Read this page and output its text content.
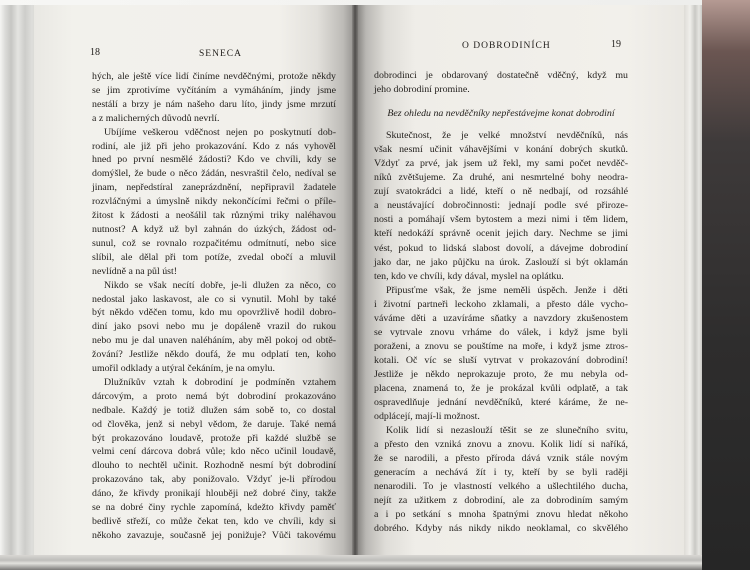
18	SENECA
O DOBRODINÍCH	19
hých, ale ještě více lidí činíme nevděčnými, protože někdy
se jim zprotivíme vyčítáním a vymáháním, jindy jsme
nestálí a brzy je nám našeho daru líto, jindy jsme mrzutí
a z malicherných důvodů nevrlí.
Ubíjíme veškerou vděčnost nejen po poskytnutí dob-
rodiní, ale již při jeho prokazování. Kdo z nás vyhověl
hned po první nesmělé žádosti? Kdo ve chvíli, kdy se
domýšlel, že bude o něco žádán, nesvraštil čelo, nedíval se
jinam, nepředstíral zaneprázdnění, nepřipravil žadatele
rozvláčnými a úmyslně nikdy nekončícími řečmi o příle-
žitost k žádosti a neošálil tak různými triky naléhavou
nutnost? A když už byl zahnán do úzkých, žádost od-
sunul, což se rovnalo rozpačitému odmítnutí, nebo sice
slíbil, ale dělal při tom potíže, zvedal obočí a mluvil
nevlídně a na půl úst!
Nikdo se však necítí dobře, je-li dlužen za něco, co
nedostal jako laskavost, ale co si vynutil. Mohl by také
být někdo vděčen tomu, kdo mu opovržlivě hodil dobro-
diní jako psovi nebo mu je dopáleně vrazil do rukou
nebo mu je dal unaven naléháním, aby měl pokoj od obtě-
žování? Jestliže někdo doufá, že mu odplatí ten, koho
umořil odklady a utýral čekáním, je na omylu.
Dlužníkův vztah k dobrodiní je podmíněn vztahem
dárcovým, a proto nemá být dobrodiní prokazováno
nedbale. Každý je totiž dlužen sám sobě to, co dostal
od člověka, jenž si nebyl vědom, že daruje. Také nemá
být prokazováno loudavě, protože při každé službě se
velmi cení dárcova dobrá vůle; kdo něco učinil loudavě,
dlouho to nechtěl učinit. Rozhodně nesmí být dobrodiní
prokazováno tak, aby ponižovalo. Vždyť je-li přírodou
dáno, že křivdy pronikají hlouběji než dobré činy, takže
se na dobré činy rychle zapomíná, kdežto křivdy paměť
bedlivě střeží, co může čekat ten, kdo ve chvíli, kdy si
někoho zavazuje, současně jej ponižuje? Vůči takovému
dobrodinci je obdarovaný dostatečně vděčný, když mu
jeho dobrodiní promine.
Bez ohledu na nevděčníky nepřestávejme konat dobrodiní
Skutečnost, že je velké množství nevděčníků, nás
však nesmí učinit váhavějšími v konání dobrých skutků.
Vždyť za prvé, jak jsem už řekl, my sami počet nevděč-
níků zvětšujeme. Za druhé, ani nesmrtelné bohy neodra-
zují svatokrádci a lidé, kteří o ně nedbají, od rozsáhlé
a neustávající dobročinnosti: jednají podle své přiroze-
nosti a pomáhají všem bytostem a mezi nimi i těm lidem,
kteří nedokáží správně ocenit jejich dary. Nechme se jimi
vést, pokud to lidská slabost dovolí, a dávejme dobrodiní
jako dar, ne jako půjčku na úrok. Zaslouží si být oklamán
ten, kdo ve chvíli, kdy dával, myslel na oplátku.
Připusťme však, že jsme neměli úspěch. Jenže i děti
i životní partneři leckoho zklamali, a přesto dále vycho-
váváme děti a uzavíráme sňatky a navzdory zkušenostem
se vytrvale znovu vrháme do válek, i když jsme byli
poraženi, a znovu se pouštíme na moře, i když jsme ztros-
kotali. Oč víc se sluší vytrvat v prokazování dobrodiní!
Jestliže je někdo neprokazuje proto, že mu nebyla od-
placena, znamená to, že je prokázal kvůli odplatě, a tak
ospravedlňuje jednání nevděčníků, které káráme, že ne-
odplácejí, mají-li možnost.
Kolik lidí si nezaslouží těšit se ze slunečního svitu,
a přesto den vzniká znovu a znovu. Kolik lidí si naříká,
že se narodili, a přesto příroda dává vznik stále novým
generacím a nechává žít i ty, kteří by se byli raději
nenarodili. To je vlastností velkého a ušlechtilého ducha,
nejít za užitkem z dobrodiní, ale za dobrodiním samým
a i po setkání s mnoha špatnými znovu hledat někoho
dobrého. Kdyby nás nikdy nikdo neoklamal, co skvělého
